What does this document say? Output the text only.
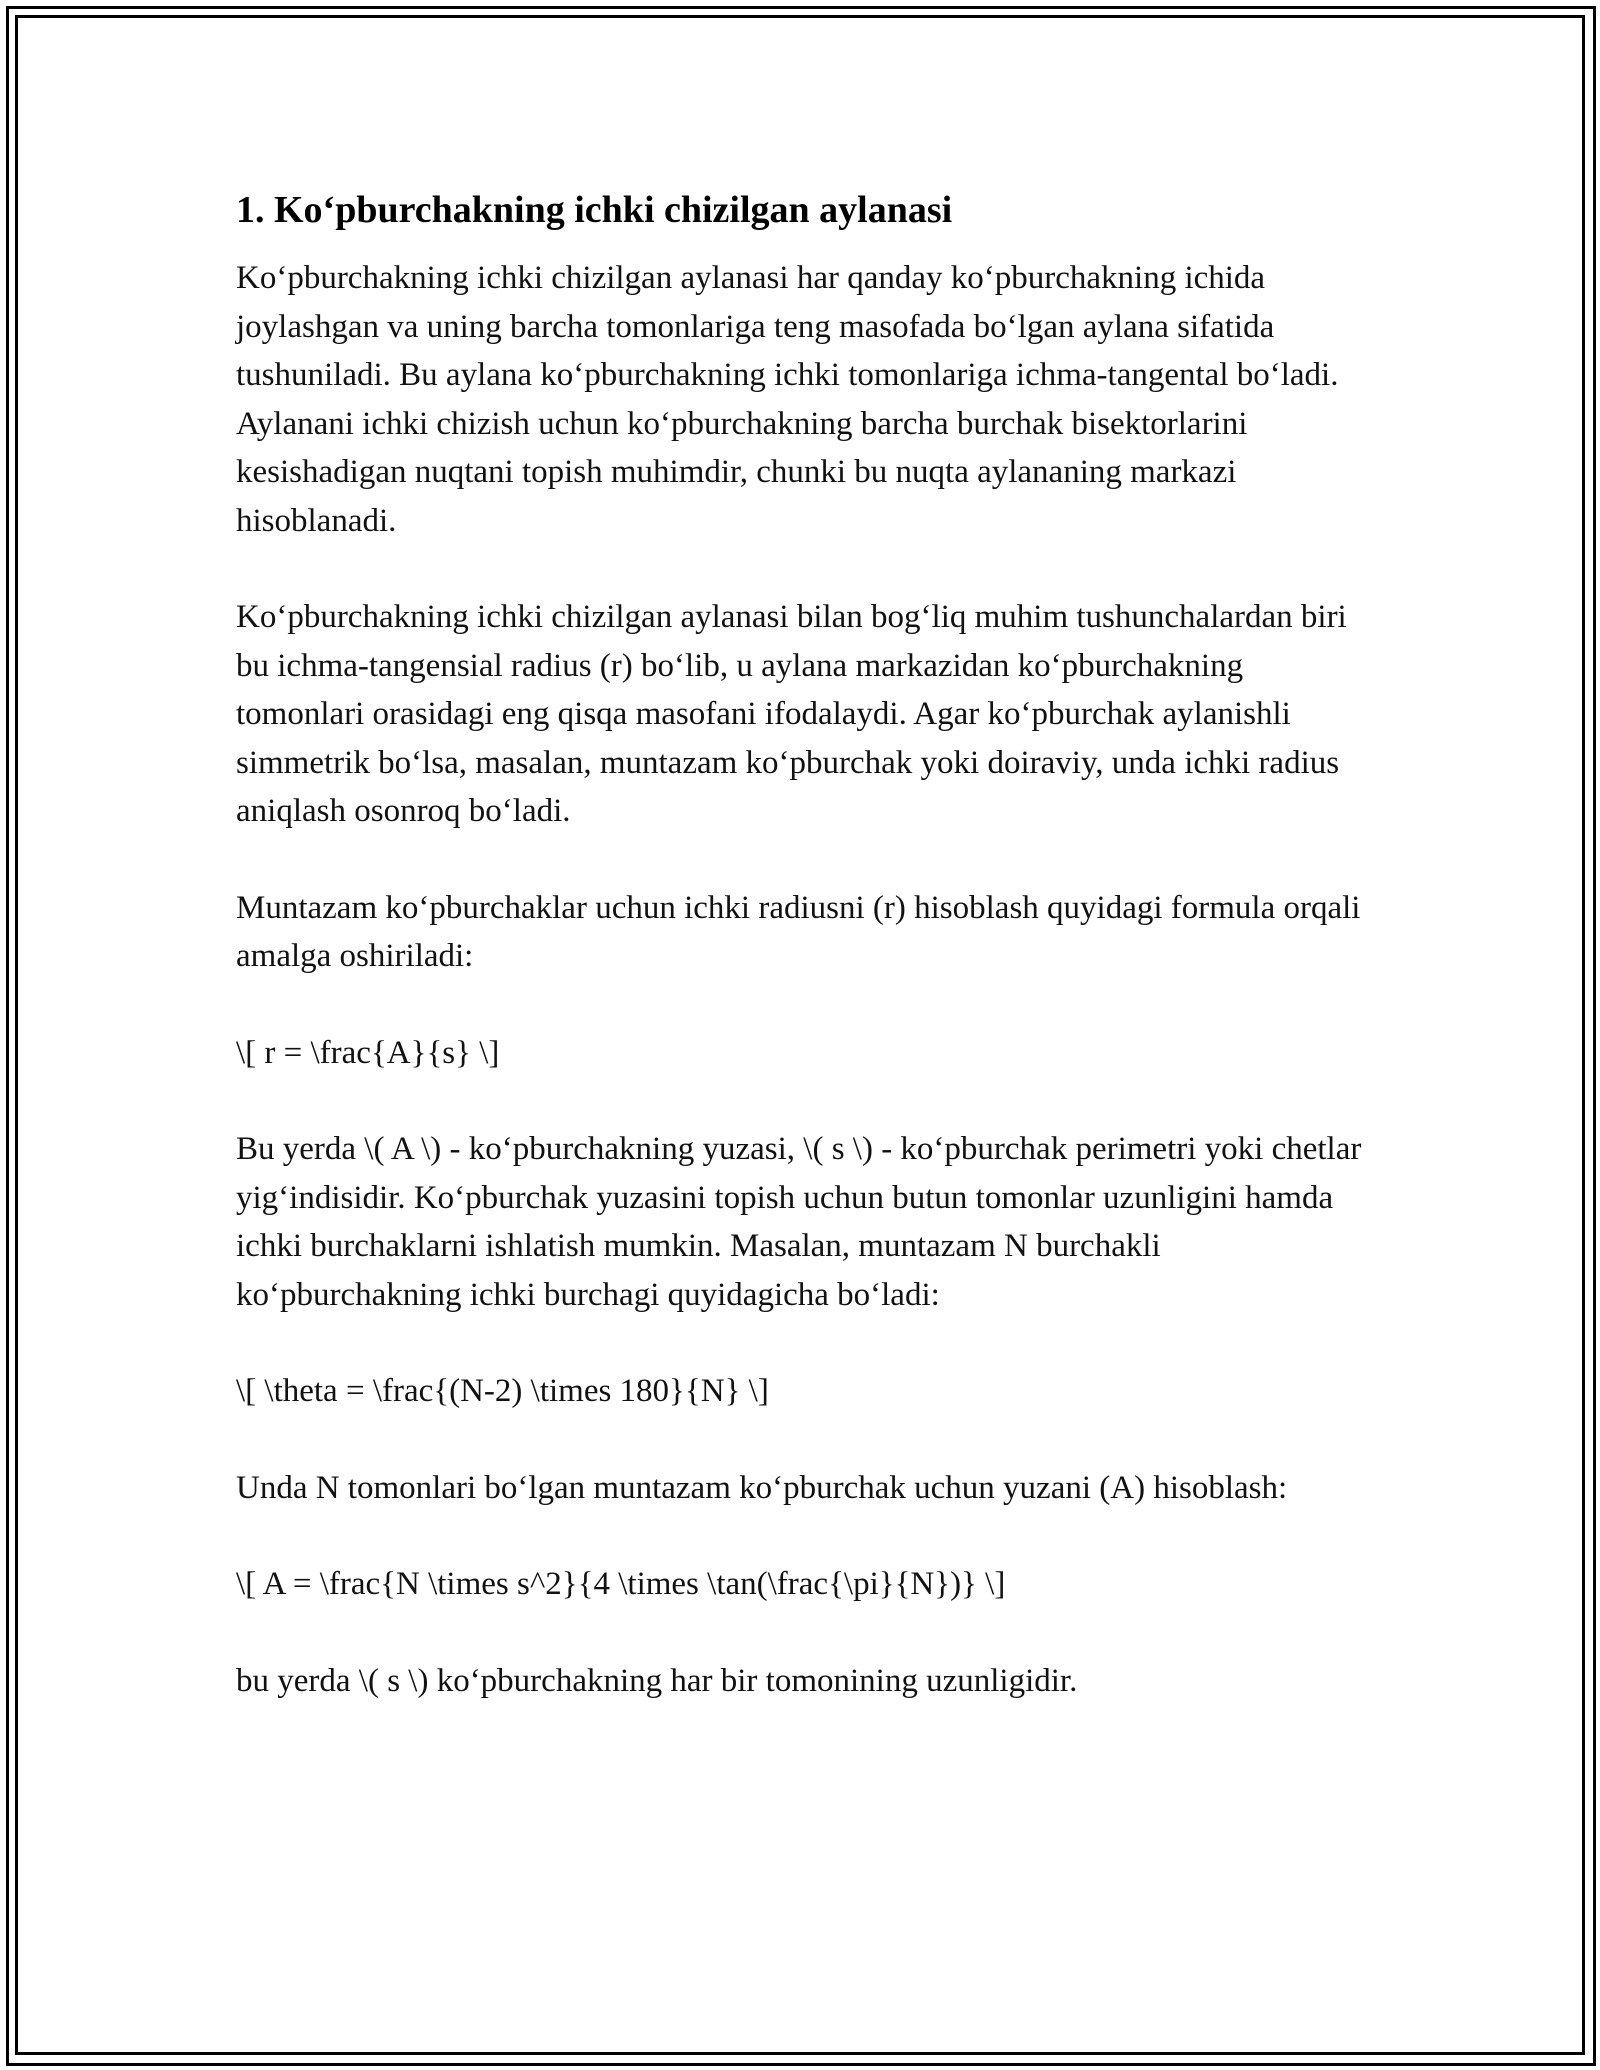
1. Ko‘pburchakning ichki chizilgan aylanasi

Ko‘pburchakning ichki chizilgan aylanasi har qanday ko‘pburchakning ichida joylashgan va uning barcha tomonlariga teng masofada bo‘lgan aylana sifatida tushuniladi. Bu aylana ko‘pburchakning ichki tomonlariga ichma-tangental bo‘ladi. Aylanani ichki chizish uchun ko‘pburchakning barcha burchak bisektorlarini kesishadigan nuqtani topish muhimdir, chunki bu nuqta aylananing markazi hisoblanadi.

Ko‘pburchakning ichki chizilgan aylanasi bilan bog‘liq muhim tushunchalardan biri bu ichma-tangensial radius (r) bo‘lib, u aylana markazidan ko‘pburchakning tomonlari orasidagi eng qisqa masofani ifodalaydi. Agar ko‘pburchak aylanishli simmetrik bo‘lsa, masalan, muntazam ko‘pburchak yoki doiraviy, unda ichki radius aniqlash osonroq bo‘ladi.

Muntazam ko‘pburchaklar uchun ichki radiusni (r) hisoblash quyidagi formula orqali amalga oshiriladi:

\[ r = \frac{A}{s} \]

Bu yerda \( A \) - ko‘pburchakning yuzasi, \( s \) - ko‘pburchak perimetri yoki chetlar yig‘indisidir. Ko‘pburchak yuzasini topish uchun butun tomonlar uzunligini hamda ichki burchaklarni ishlatish mumkin. Masalan, muntazam N burchakli ko‘pburchakning ichki burchagi quyidagicha bo‘ladi:

\[ \theta = \frac{(N-2) \times 180}{N} \]

Unda N tomonlari bo‘lgan muntazam ko‘pburchak uchun yuzani (A) hisoblash:

\[ A = \frac{N \times s^2}{4 \times \tan(\frac{\pi}{N})} \]

bu yerda \( s \) ko‘pburchakning har bir tomonining uzunligidir.
